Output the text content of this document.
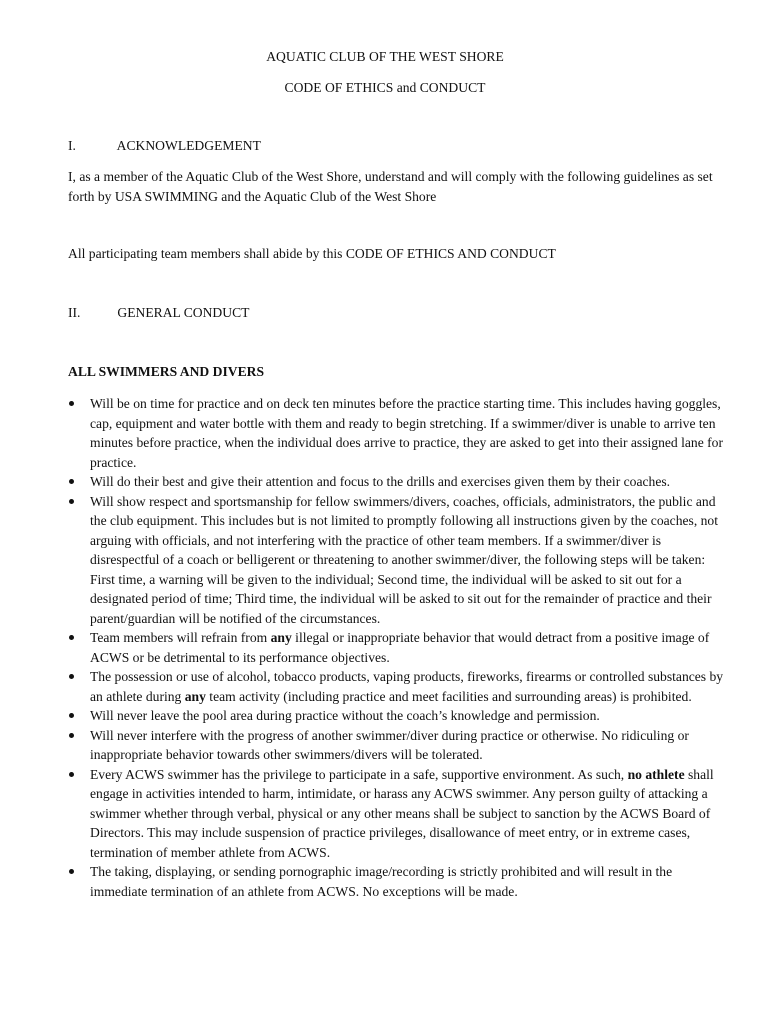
AQUATIC CLUB OF THE WEST SHORE
CODE OF ETHICS and CONDUCT
I.	ACKNOWLEDGEMENT

I, as a member of the Aquatic Club of the West Shore, understand and will comply with the following guidelines as set forth by USA SWIMMING and the Aquatic Club of the West Shore

All participating team members shall abide by this CODE OF ETHICS AND CONDUCT

II.	GENERAL CONDUCT
ALL SWIMMERS AND DIVERS
Will be on time for practice and on deck ten minutes before the practice starting time. This includes having goggles, cap, equipment and water bottle with them and ready to begin stretching. If a swimmer/diver is unable to arrive ten minutes before practice, when the individual does arrive to practice, they are asked to get into their assigned lane for practice.
Will do their best and give their attention and focus to the drills and exercises given them by their coaches.
Will show respect and sportsmanship for fellow swimmers/divers, coaches, officials, administrators, the public and the club equipment. This includes but is not limited to promptly following all instructions given by the coaches, not arguing with officials, and not interfering with the practice of other team members. If a swimmer/diver is disrespectful of a coach or belligerent or threatening to another swimmer/diver, the following steps will be taken: First time, a warning will be given to the individual; Second time, the individual will be asked to sit out for a designated period of time; Third time, the individual will be asked to sit out for the remainder of practice and their parent/guardian will be notified of the circumstances.
Team members will refrain from any illegal or inappropriate behavior that would detract from a positive image of ACWS or be detrimental to its performance objectives.
The possession or use of alcohol, tobacco products, vaping products, fireworks, firearms or controlled substances by an athlete during any team activity (including practice and meet facilities and surrounding areas) is prohibited.
Will never leave the pool area during practice without the coach’s knowledge and permission.
Will never interfere with the progress of another swimmer/diver during practice or otherwise. No ridiculing or inappropriate behavior towards other swimmers/divers will be tolerated.
Every ACWS swimmer has the privilege to participate in a safe, supportive environment. As such, no athlete shall engage in activities intended to harm, intimidate, or harass any ACWS swimmer. Any person guilty of attacking a swimmer whether through verbal, physical or any other means shall be subject to sanction by the ACWS Board of Directors. This may include suspension of practice privileges, disallowance of meet entry, or in extreme cases, termination of member athlete from ACWS.
The taking, displaying, or sending pornographic image/recording is strictly prohibited and will result in the immediate termination of an athlete from ACWS. No exceptions will be made.
